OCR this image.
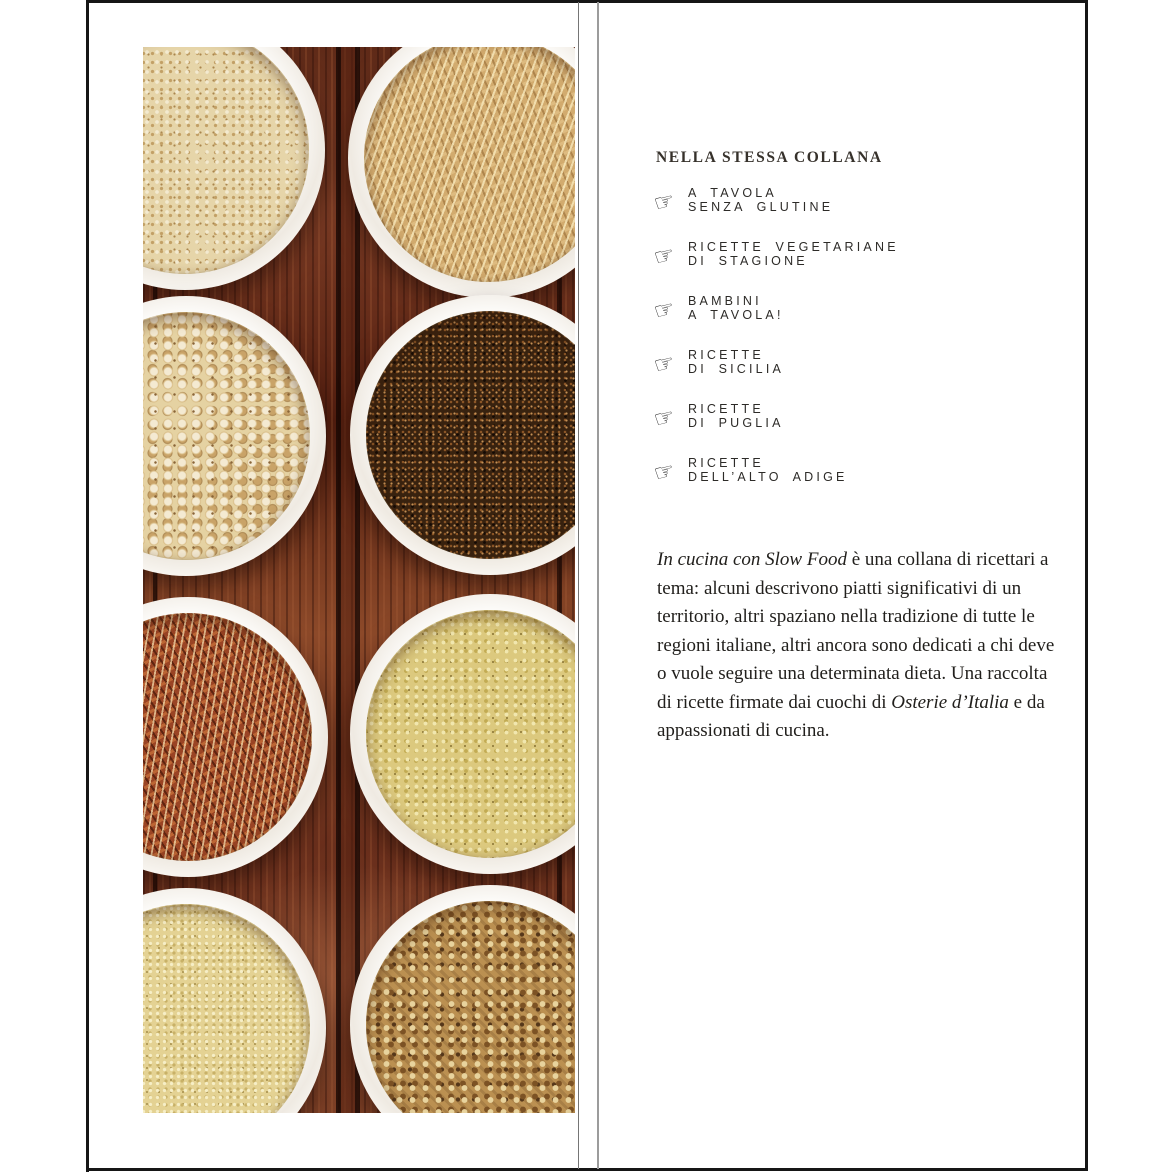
NELLA STESSA COLLANA
☞ A TAVOLA
SENZA GLUTINE
☞ RICETTE VEGETARIANE
DI STAGIONE
☞ BAMBINI
A TAVOLA!
☞ RICETTE
DI SICILIA
☞ RICETTE
DI PUGLIA
☞ RICETTE
DELL’ALTO ADIGE
In cucina con Slow Food è una collana di ricettari a tema: alcuni descrivono piatti significativi di un territorio, altri spaziano nella tradizione di tutte le regioni italiane, altri ancora sono dedicati a chi deve o vuole seguire una determinata dieta. Una raccolta di ricette firmate dai cuochi di Osterie d’Italia e da appassionati di cucina.
